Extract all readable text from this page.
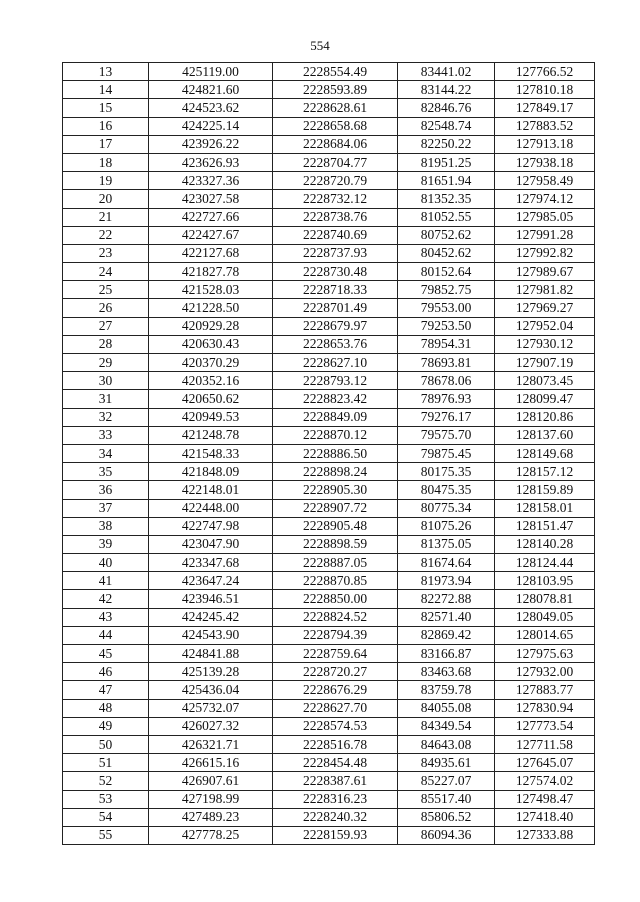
554
13	425119.00	2228554.49	83441.02	127766.52
14	424821.60	2228593.89	83144.22	127810.18
15	424523.62	2228628.61	82846.76	127849.17
16	424225.14	2228658.68	82548.74	127883.52
17	423926.22	2228684.06	82250.22	127913.18
18	423626.93	2228704.77	81951.25	127938.18
19	423327.36	2228720.79	81651.94	127958.49
20	423027.58	2228732.12	81352.35	127974.12
21	422727.66	2228738.76	81052.55	127985.05
22	422427.67	2228740.69	80752.62	127991.28
23	422127.68	2228737.93	80452.62	127992.82
24	421827.78	2228730.48	80152.64	127989.67
25	421528.03	2228718.33	79852.75	127981.82
26	421228.50	2228701.49	79553.00	127969.27
27	420929.28	2228679.97	79253.50	127952.04
28	420630.43	2228653.76	78954.31	127930.12
29	420370.29	2228627.10	78693.81	127907.19
30	420352.16	2228793.12	78678.06	128073.45
31	420650.62	2228823.42	78976.93	128099.47
32	420949.53	2228849.09	79276.17	128120.86
33	421248.78	2228870.12	79575.70	128137.60
34	421548.33	2228886.50	79875.45	128149.68
35	421848.09	2228898.24	80175.35	128157.12
36	422148.01	2228905.30	80475.35	128159.89
37	422448.00	2228907.72	80775.34	128158.01
38	422747.98	2228905.48	81075.26	128151.47
39	423047.90	2228898.59	81375.05	128140.28
40	423347.68	2228887.05	81674.64	128124.44
41	423647.24	2228870.85	81973.94	128103.95
42	423946.51	2228850.00	82272.88	128078.81
43	424245.42	2228824.52	82571.40	128049.05
44	424543.90	2228794.39	82869.42	128014.65
45	424841.88	2228759.64	83166.87	127975.63
46	425139.28	2228720.27	83463.68	127932.00
47	425436.04	2228676.29	83759.78	127883.77
48	425732.07	2228627.70	84055.08	127830.94
49	426027.32	2228574.53	84349.54	127773.54
50	426321.71	2228516.78	84643.08	127711.58
51	426615.16	2228454.48	84935.61	127645.07
52	426907.61	2228387.61	85227.07	127574.02
53	427198.99	2228316.23	85517.40	127498.47
54	427489.23	2228240.32	85806.52	127418.40
55	427778.25	2228159.93	86094.36	127333.88
